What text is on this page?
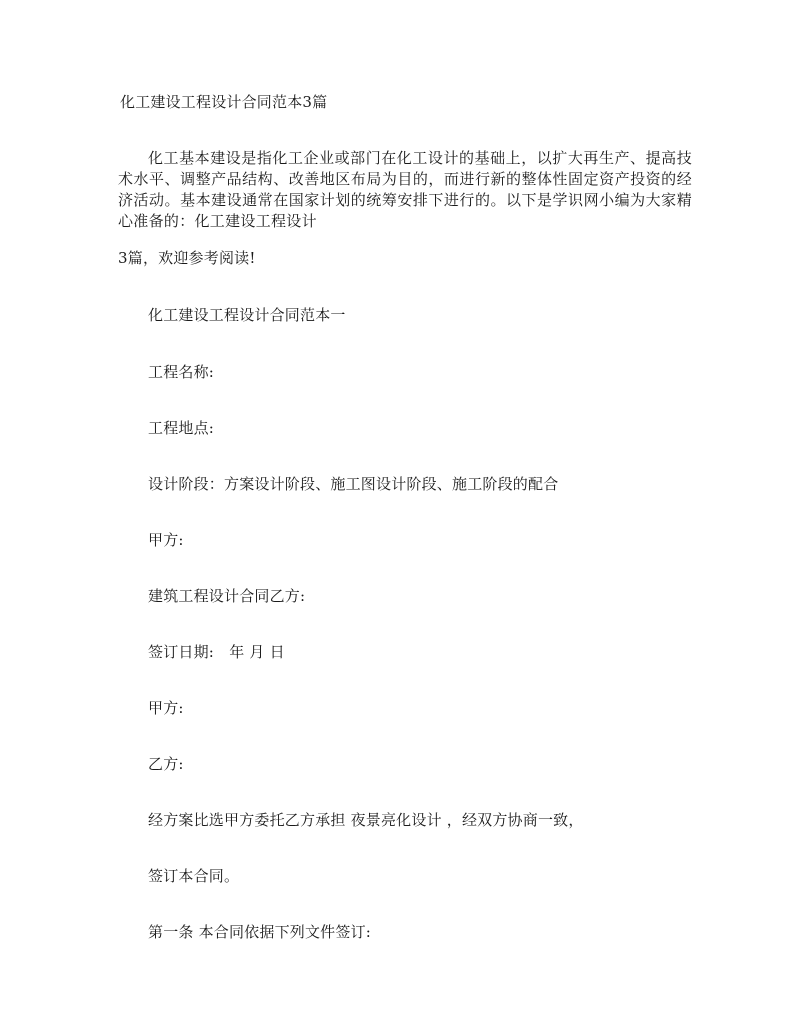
化工建设工程设计合同范本3篇
化工基本建设是指化工企业或部门在化工设计的基础上，以扩大再生产、提高技术水平、调整产品结构、改善地区布局为目的，而进行新的整体性固定资产投资的经济活动。基本建设通常在国家计划的统筹安排下进行的。以下是学识网小编为大家精心准备的：化工建设工程设计
3篇，欢迎参考阅读!
化工建设工程设计合同范本一
工程名称:
工程地点:
设计阶段：方案设计阶段、施工图设计阶段、施工阶段的配合
甲方:
建筑工程设计合同乙方:
签订日期:　年 月 日
甲方:
乙方:
经方案比选甲方委托乙方承担 夜景亮化设计 ，经双方协商一致，
签订本合同。
第一条 本合同依据下列文件签订:
